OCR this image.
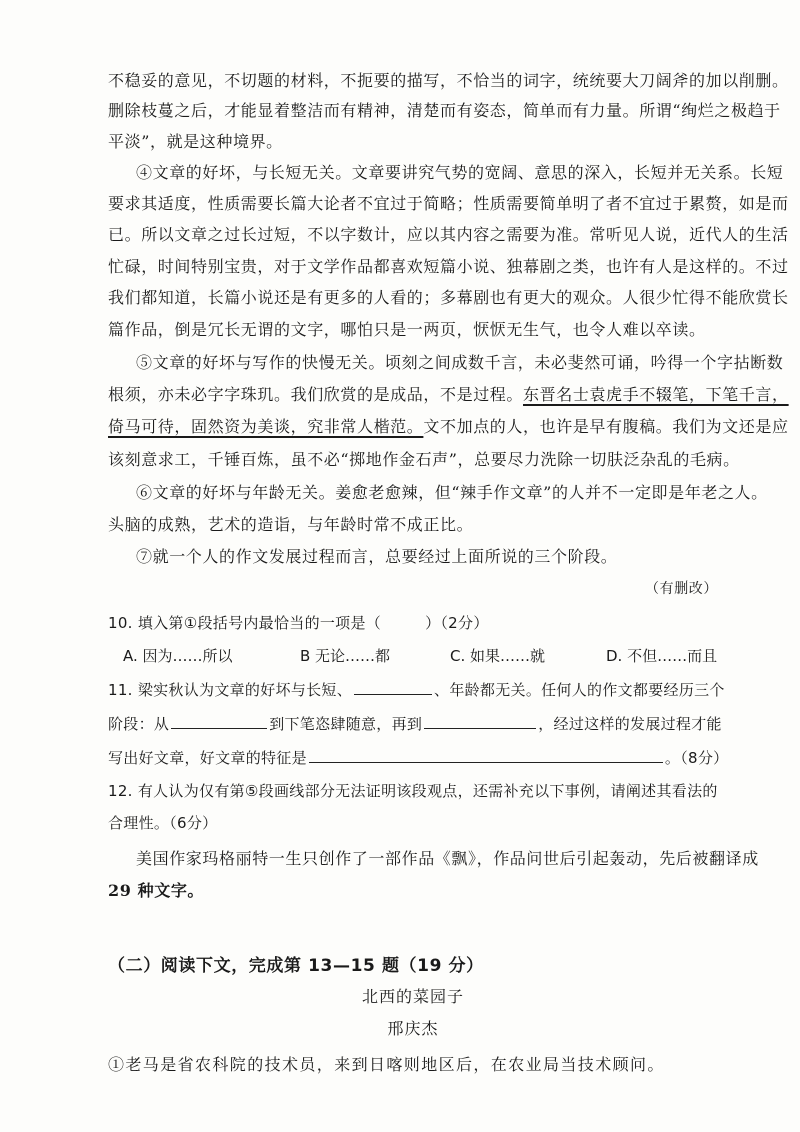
不稳妥的意见，不切题的材料，不扼要的描写，不恰当的词字，统统要大刀阔斧的加以削删。
删除枝蔓之后，才能显着整洁而有精神，清楚而有姿态，简单而有力量。所谓“绚烂之极趋于
平淡”，就是这种境界。
④文章的好坏，与长短无关。文章要讲究气势的宽阔、意思的深入，长短并无关系。长短
要求其适度，性质需要长篇大论者不宜过于简略；性质需要简单明了者不宜过于累赘，如是而
已。所以文章之过长过短，不以字数计，应以其内容之需要为准。常听见人说，近代人的生活
忙碌，时间特别宝贵，对于文学作品都喜欢短篇小说、独幕剧之类，也许有人是这样的。不过
我们都知道，长篇小说还是有更多的人看的；多幕剧也有更大的观众。人很少忙得不能欣赏长
篇作品，倒是冗长无谓的文字，哪怕只是一两页，恹恹无生气，也令人难以卒读。
⑤文章的好坏与写作的快慢无关。顷刻之间成数千言，未必斐然可诵，吟得一个字拈断数
根须，亦未必字字珠玑。我们欣赏的是成品，不是过程。东晋名士袁虎手不辍笔，下笔千言，
倚马可待，固然资为美谈，究非常人楷范。文不加点的人，也许是早有腹稿。我们为文还是应
该刻意求工，千锤百炼，虽不必“掷地作金石声”，总要尽力洗除一切肤泛杂乱的毛病。
⑥文章的好坏与年龄无关。姜愈老愈辣，但“辣手作文章”的人并不一定即是年老之人。
头脑的成熟，艺术的造诣，与年龄时常不成正比。
⑦就一个人的作文发展过程而言，总要经过上面所说的三个阶段。
（有删改）
10. 填入第①段括号内最恰当的一项是（	）（2分）
A. 因为……所以	B 无论……都	C. 如果……就	D. 不但……而且
11. 梁实秋认为文章的好坏与长短、	、年龄都无关。任何人的作文都要经历三个
阶段：从	到下笔恣肆随意，再到	，经过这样的发展过程才能
写出好文章，好文章的特征是	。（8分）
12. 有人认为仅有第⑤段画线部分无法证明该段观点，还需补充以下事例，请阐述其看法的
合理性。（6分）
美国作家玛格丽特一生只创作了一部作品《飘》，作品问世后引起轰动，先后被翻译成
29 种文字。
（二）阅读下文，完成第 13—15 题（19 分）
北西的菜园子
邢庆杰
①老马是省农科院的技术员，来到日喀则地区后，在农业局当技术顾问。
